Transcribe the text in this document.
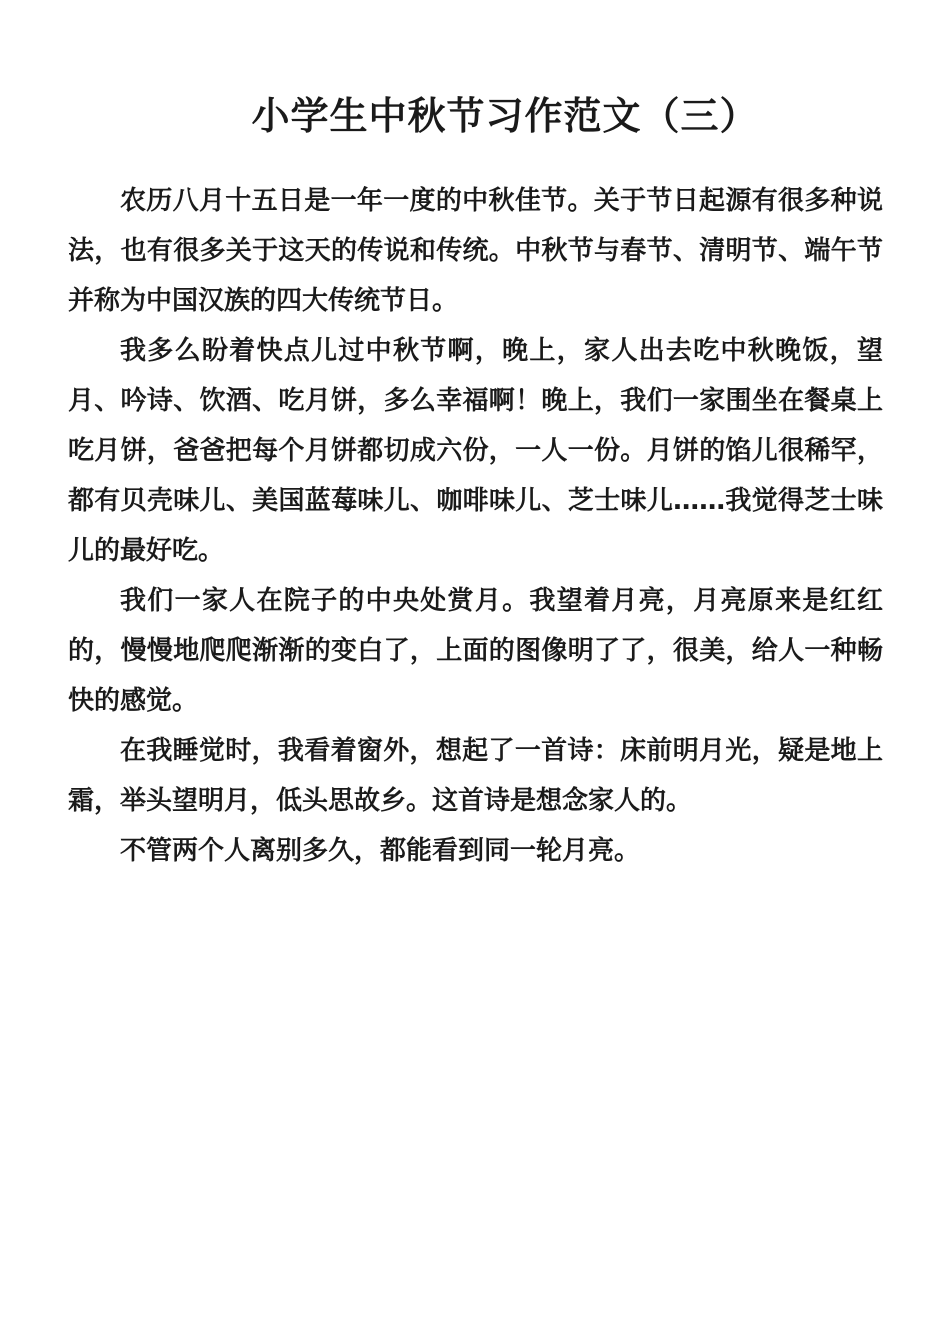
小学生中秋节习作范文（三）

农历八月十五日是一年一度的中秋佳节。关于节日起源有很多种说法，也有很多关于这天的传说和传统。中秋节与春节、清明节、端午节并称为中国汉族的四大传统节日。

我多么盼着快点儿过中秋节啊，晚上，家人出去吃中秋晚饭，望月、吟诗、饮酒、吃月饼，多么幸福啊！晚上，我们一家围坐在餐桌上吃月饼，爸爸把每个月饼都切成六份，一人一份。月饼的馅儿很稀罕，都有贝壳味儿、美国蓝莓味儿、咖啡味儿、芝士味儿……我觉得芝士味儿的最好吃。

我们一家人在院子的中央处赏月。我望着月亮，月亮原来是红红的，慢慢地爬爬渐渐的变白了，上面的图像明了了，很美，给人一种畅快的感觉。

在我睡觉时，我看着窗外，想起了一首诗：床前明月光，疑是地上霜，举头望明月，低头思故乡。这首诗是想念家人的。

不管两个人离别多久，都能看到同一轮月亮。
